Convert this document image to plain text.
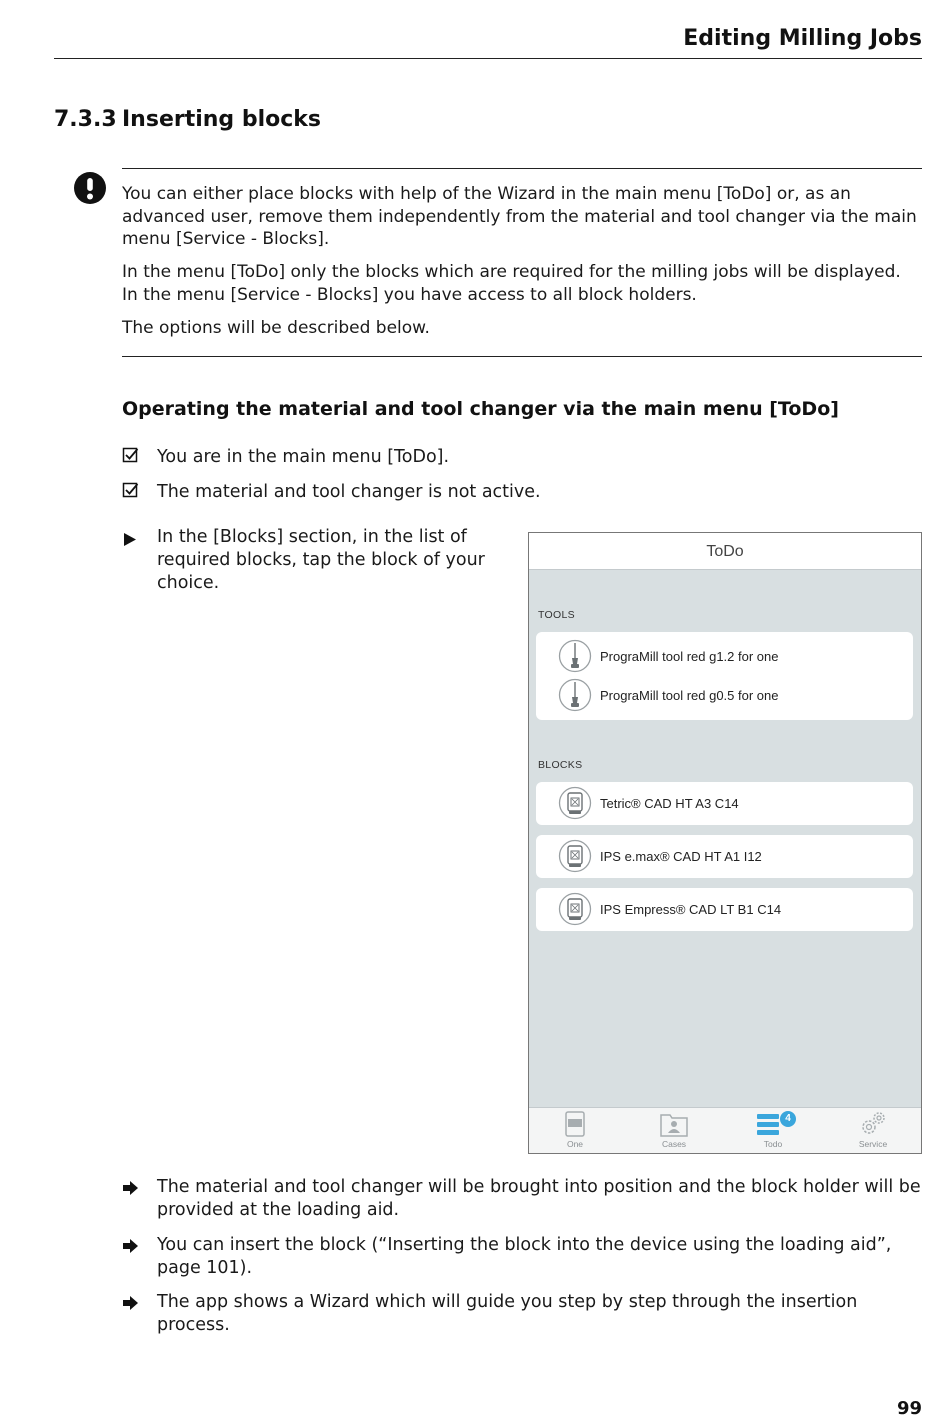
Editing Milling Jobs
7.3.3 Inserting blocks
You can either place blocks with help of the Wizard in the main menu [ToDo] or, as an advanced user, remove them independently from the material and tool changer via the main menu [Service - Blocks].
In the menu [ToDo] only the blocks which are required for the milling jobs will be displayed. In the menu [Service - Blocks] you have access to all block holders.
The options will be described below.
Operating the material and tool changer via the main menu [ToDo]
You are in the main menu [ToDo].
The material and tool changer is not active.
In the [Blocks] section, in the list of required blocks, tap the block of your choice.
ToDo
TOOLS
PrograMill tool red g1.2 for one
PrograMill tool red g0.5 for one
BLOCKS
Tetric® CAD HT A3 C14
IPS e.max® CAD HT A1 I12
IPS Empress® CAD LT B1 C14
One	Cases
4
Todo	Service
The material and tool changer will be brought into position and the block holder will be provided at the loading aid.
You can insert the block (“Inserting the block into the device using the loading aid”, page 101).
The app shows a Wizard which will guide you step by step through the insertion process.
99
